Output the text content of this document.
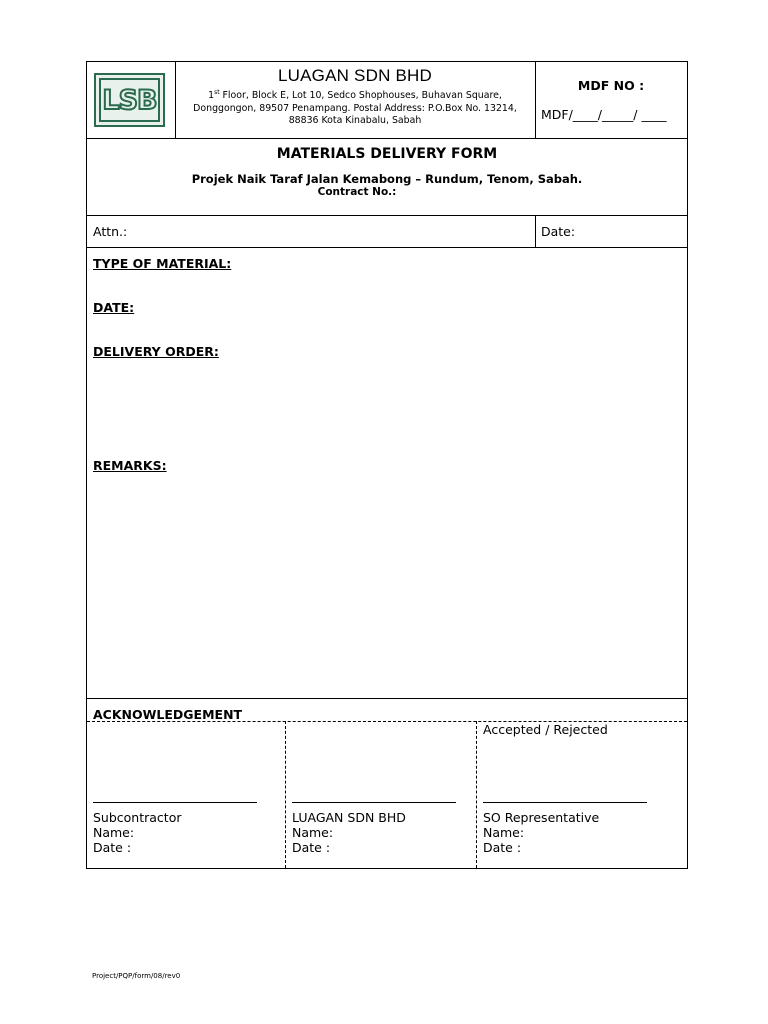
LSB
LUAGAN SDN BHD
1st Floor, Block E, Lot 10, Sedco Shophouses, Buhavan Square, Donggongon, 89507 Penampang. Postal Address: P.O.Box No. 13214, 88836 Kota Kinabalu, Sabah
MDF NO :
MDF/____/_____/ ____
MATERIALS DELIVERY FORM
Projek Naik Taraf Jalan Kemabong – Rundum, Tenom, Sabah.
Contract No.:
Attn.:	Date:
TYPE OF MATERIAL:
DATE:
DELIVERY ORDER:
REMARKS:
ACKNOWLEDGEMENT
Subcontractor
Name:
Date :
LUAGAN SDN BHD
Name:
Date :
Accepted / Rejected
SO Representative
Name:
Date :
Project/PQP/form/08/rev0
